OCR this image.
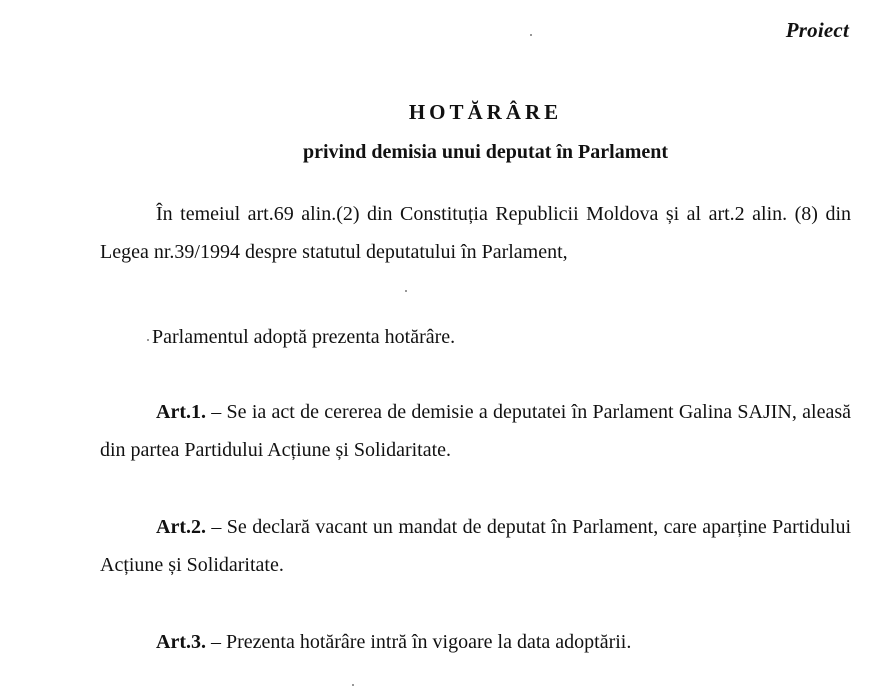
Proiect
HOTĂRÂRE
privind demisia unui deputat în Parlament

În temeiul art.69 alin.(2) din Constituția Republicii Moldova și al art.2 alin. (8) din Legea nr.39/1994 despre statutul deputatului în Parlament,

Parlamentul adoptă prezenta hotărâre.

Art.1. – Se ia act de cererea de demisie a deputatei în Parlament Galina SAJIN, aleasă din partea Partidului Acțiune și Solidaritate.

Art.2. – Se declară vacant un mandat de deputat în Parlament, care aparține Partidului Acțiune și Solidaritate.

Art.3. – Prezenta hotărâre intră în vigoare la data adoptării.
